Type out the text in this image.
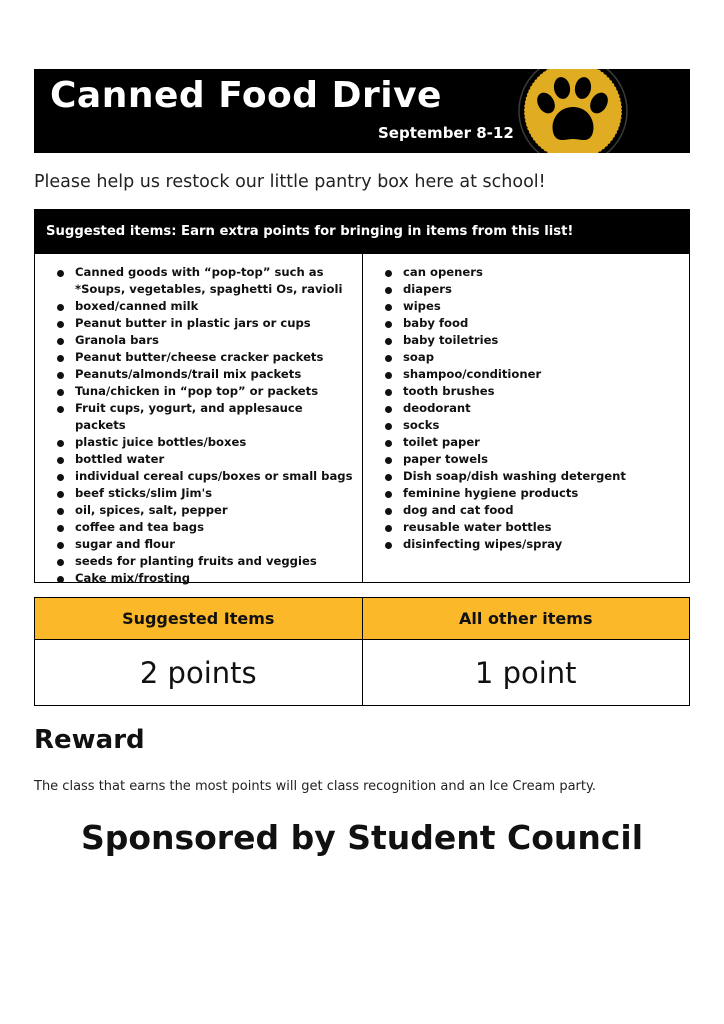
Canned Food Drive
September 8-12

Please help us restock our little pantry box here at school!

Suggested items: Earn extra points for bringing in items from this list!
Canned goods with “pop-top” such as *Soups, vegetables, spaghetti Os, ravioli
boxed/canned milk
Peanut butter in plastic jars or cups
Granola bars
Peanut butter/cheese cracker packets
Peanuts/almonds/trail mix packets
Tuna/chicken in “pop top” or packets
Fruit cups, yogurt, and applesauce packets
plastic juice bottles/boxes
bottled water
individual cereal cups/boxes or small bags
beef sticks/slim Jim's
oil, spices, salt, pepper
coffee and tea bags
sugar and flour
seeds for planting fruits and veggies
Cake mix/frosting
can openers
diapers
wipes
baby food
baby toiletries
soap
shampoo/conditioner
tooth brushes
deodorant
socks
toilet paper
paper towels
Dish soap/dish washing detergent
feminine hygiene products
dog and cat food
reusable water bottles
disinfecting wipes/spray
Suggested Items	All other items
2 points	1 point
Reward

The class that earns the most points will get class recognition and an Ice Cream party.

Sponsored by Student Council
